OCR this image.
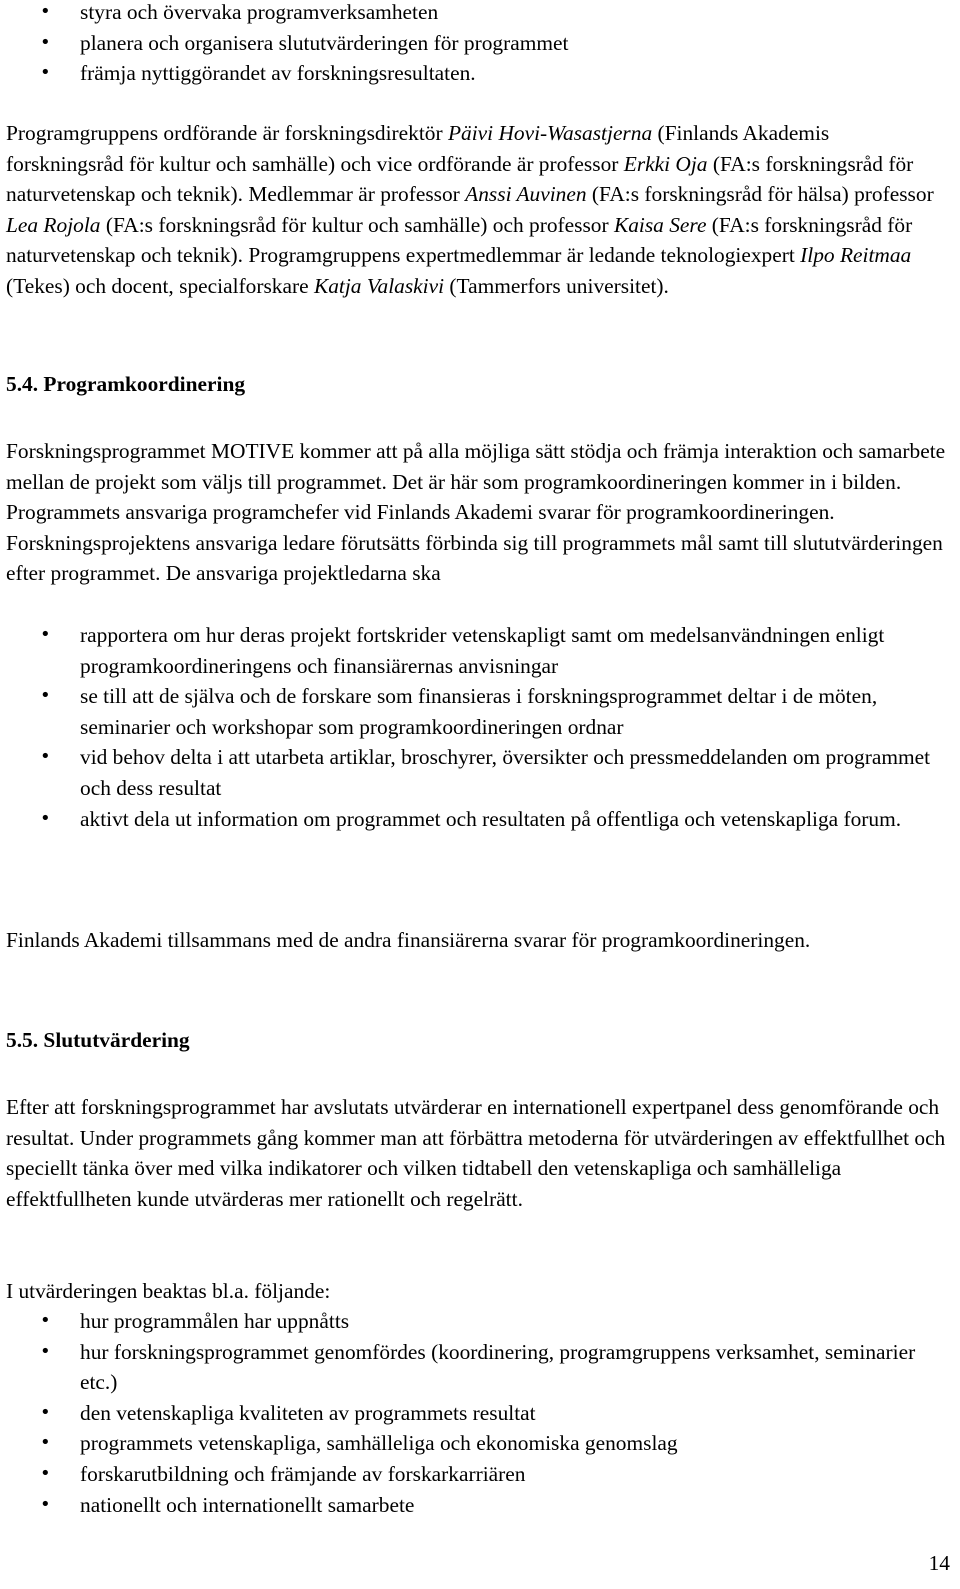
• styra och övervaka programverksamheten
• planera och organisera slututvärderingen för programmet
• främja nyttiggörandet av forskningsresultaten.

Programgruppens ordförande är forskningsdirektör Päivi Hovi-Wasastjerna (Finlands Akademis forskningsråd för kultur och samhälle) och vice ordförande är professor Erkki Oja (FA:s forskningsråd för naturvetenskap och teknik). Medlemmar är professor Anssi Auvinen (FA:s forskningsråd för hälsa) professor Lea Rojola (FA:s forskningsråd för kultur och samhälle) och professor Kaisa Sere (FA:s forskningsråd för naturvetenskap och teknik). Programgruppens expertmedlemmar är ledande teknologiexpert Ilpo Reitmaa (Tekes) och docent, specialforskare Katja Valaskivi (Tammerfors universitet).

5.4. Programkoordinering

Forskningsprogrammet MOTIVE kommer att på alla möjliga sätt stödja och främja interaktion och samarbete mellan de projekt som väljs till programmet. Det är här som programkoordineringen kommer in i bilden. Programmets ansvariga programchefer vid Finlands Akademi svarar för programkoordineringen. Forskningsprojektens ansvariga ledare förutsätts förbinda sig till programmets mål samt till slututvärderingen efter programmet. De ansvariga projektledarna ska

• rapportera om hur deras projekt fortskrider vetenskapligt samt om medelsanvändningen enligt programkoordineringens och finansiärernas anvisningar
• se till att de själva och de forskare som finansieras i forskningsprogrammet deltar i de möten, seminarier och workshopar som programkoordineringen ordnar
• vid behov delta i att utarbeta artiklar, broschyrer, översikter och pressmeddelanden om programmet och dess resultat
• aktivt dela ut information om programmet och resultaten på offentliga och vetenskapliga forum.

Finlands Akademi tillsammans med de andra finansiärerna svarar för programkoordineringen.

5.5. Slututvärdering

Efter att forskningsprogrammet har avslutats utvärderar en internationell expertpanel dess genomförande och resultat. Under programmets gång kommer man att förbättra metoderna för utvärderingen av effektfullhet och speciellt tänka över med vilka indikatorer och vilken tidtabell den vetenskapliga och samhälleliga effektfullheten kunde utvärderas mer rationellt och regelrätt.

I utvärderingen beaktas bl.a. följande:

• hur programmålen har uppnåtts
• hur forskningsprogrammet genomfördes (koordinering, programgruppens verksamhet, seminarier etc.)
• den vetenskapliga kvaliteten av programmets resultat
• programmets vetenskapliga, samhälleliga och ekonomiska genomslag
• forskarutbildning och främjande av forskarkarriären
• nationellt och internationellt samarbete
14
